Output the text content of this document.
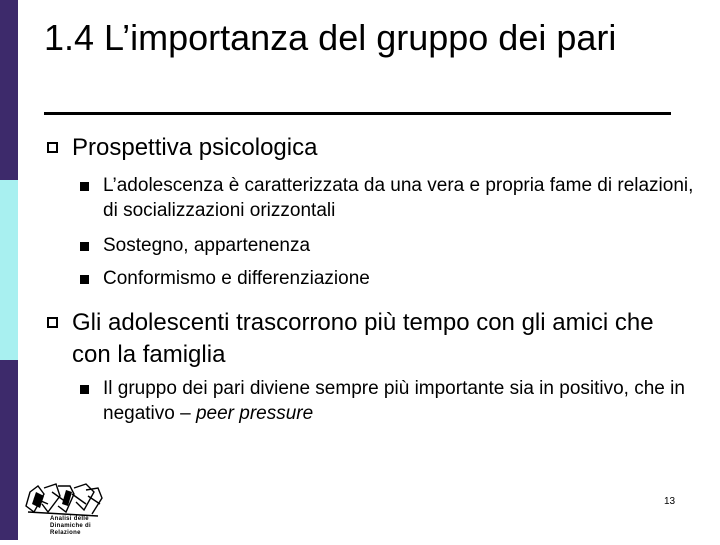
1.4 L’importanza del gruppo dei pari
Prospettiva psicologica
L’adolescenza è caratterizzata da una vera e propria fame di relazioni, di socializzazioni orizzontali
Sostegno, appartenenza
Conformismo e differenziazione
Gli adolescenti trascorrono più tempo con gli amici che con la famiglia
Il gruppo dei pari diviene sempre più importante sia in positivo, che in negativo – peer pressure
Analisi delle
Dinamiche di Relazione
13
